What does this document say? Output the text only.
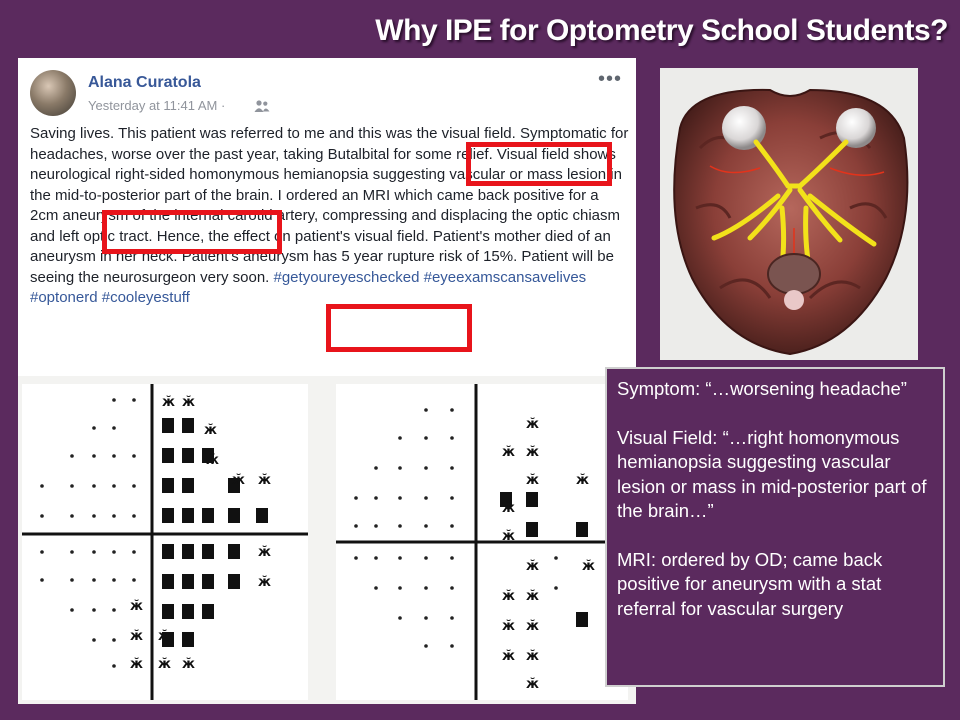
Why IPE for Optometry School Students?
Alana Curatola
Yesterday at 11:41 AM ·
•••
Saving lives. This patient was referred to me and this was the visual field. Symptomatic for headaches, worse over the past year, taking Butalbital for some relief. Visual field shows neurological right-sided homonymous hemianopsia suggesting vascular or mass lesion in the mid-to-posterior part of the brain. I ordered an MRI which came back positive for a 2cm aneurysm of the internal carotid artery, compressing and displacing the optic chiasm and left optic tract. Hence, the effect on patient's visual field. Patient's mother died of an aneurysm in her neck. Patient's aneurysm has 5 year rupture risk of 15%. Patient will be seeing the neurosurgeon very soon. #getyoureyeschecked #eyeexamscansavelives #optonerd #cooleyestuff
ӂ ӂ
ӂ
ӂ
ӂ ӂ
ӂ
ӂ
ӂ
ӂ ӂ
ӂ ӂ ӂ
ӂ
ӂ ӂ
ӂ	ӂ
ӂ
ӂ
ӂ	ӂ
ӂ ӂ
ӂ ӂ
ӂ ӂ
ӂ

Symptom: “…worsening headache”

Visual Field: “…right homonymous hemianopsia suggesting vascular lesion or mass in mid-posterior part of the brain…”

MRI: ordered by OD; came back positive for aneurysm with a stat referral for vascular surgery
